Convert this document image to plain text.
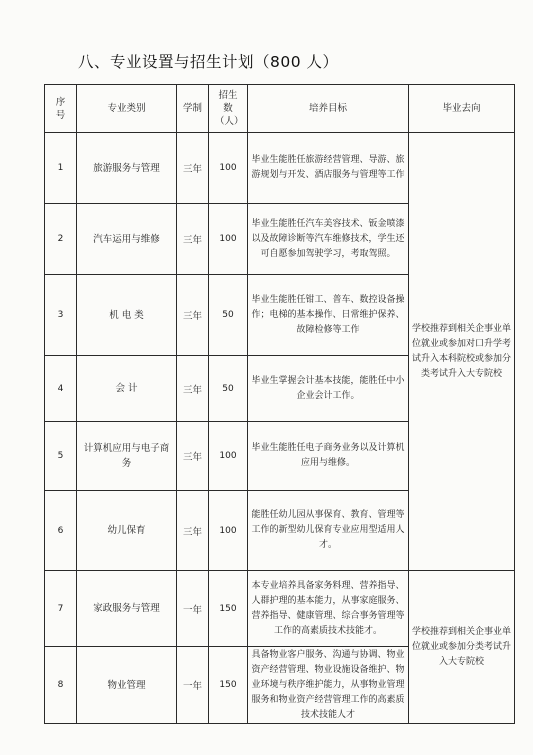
八、专业设置与招生计划（800 人）
序号	专业类别	学制	招生数（人）	培养目标	毕业去向
1	旅游服务与管理	三年	100	毕业生能胜任旅游经营管理、导游、旅游规划与开发、酒店服务与管理等工作	学校推荐到相关企事业单位就业或参加对口升学考试升入本科院校或参加分类考试升入大专院校
2	汽车运用与维修	三年	100	毕业生能胜任汽车美容技术、钣金喷漆以及故障诊断等汽车维修技术，学生还可自愿参加驾驶学习，考取驾照。	
3	机 电 类	三年	50	毕业生能胜任钳工、普车、数控设备操作；电梯的基本操作、日常维护保养、故障检修等工作	
4	会 计	三年	50	毕业生掌握会计基本技能，能胜任中小企业会计工作。	
5	计算机应用与电子商务	三年	100	毕业生能胜任电子商务业务以及计算机应用与维修。	
6	幼儿保育	三年	100	能胜任幼儿园从事保育、教育、管理等工作的新型幼儿保育专业应用型适用人才。	
7	家政服务与管理	一年	150	本专业培养具备家务料理、营养指导、人群护理的基本能力，从事家庭服务、营养指导、健康管理、综合事务管理等工作的高素质技术技能才。	学校推荐到相关企事业单位就业或参加分类考试升入大专院校
8	物业管理	一年	150	具备物业客户服务、沟通与协调、物业资产经营管理、物业设施设备维护、物业环境与秩序维护能力，从事物业管理服务和物业资产经营管理工作的高素质技术技能人才	
